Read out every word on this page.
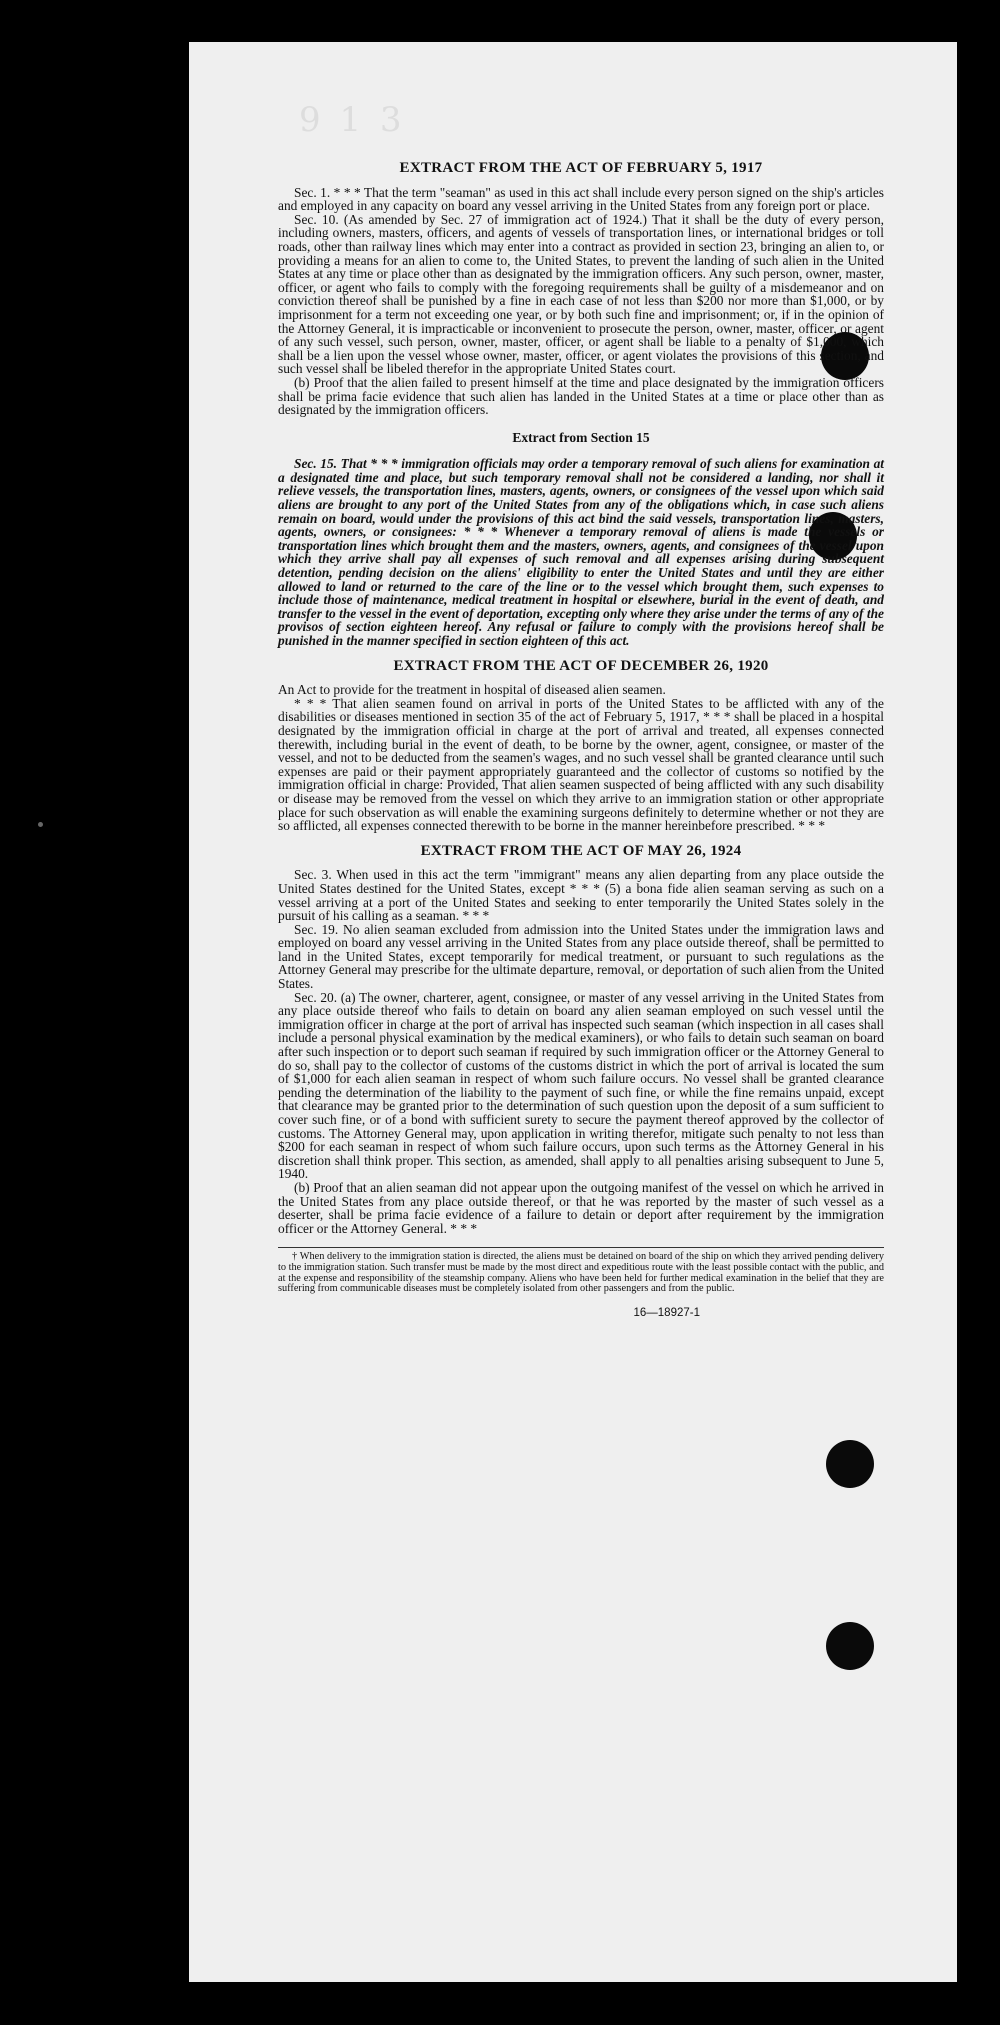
9 1 3
EXTRACT FROM THE ACT OF FEBRUARY 5, 1917

Sec. 1. * * * That the term "seaman" as used in this act shall include every person signed on the ship's articles and employed in any capacity on board any vessel arriving in the United States from any foreign port or place.

Sec. 10. (As amended by Sec. 27 of immigration act of 1924.) That it shall be the duty of every person, including owners, masters, officers, and agents of vessels of transportation lines, or international bridges or toll roads, other than railway lines which may enter into a contract as provided in section 23, bringing an alien to, or providing a means for an alien to come to, the United States, to prevent the landing of such alien in the United States at any time or place other than as designated by the immigration officers. Any such person, owner, master, officer, or agent who fails to comply with the foregoing requirements shall be guilty of a misdemeanor and on conviction thereof shall be punished by a fine in each case of not less than $200 nor more than $1,000, or by imprisonment for a term not exceeding one year, or by both such fine and imprisonment; or, if in the opinion of the Attorney General, it is impracticable or inconvenient to prosecute the person, owner, master, officer, or agent of any such vessel, such person, owner, master, officer, or agent shall be liable to a penalty of $1,000, which shall be a lien upon the vessel whose owner, master, officer, or agent violates the provisions of this section, and such vessel shall be libeled therefor in the appropriate United States court.

(b) Proof that the alien failed to present himself at the time and place designated by the immigration officers shall be prima facie evidence that such alien has landed in the United States at a time or place other than as designated by the immigration officers.

Extract from Section 15

Sec. 15. That * * * immigration officials may order a temporary removal of such aliens for examination at a designated time and place, but such temporary removal shall not be considered a landing, nor shall it relieve vessels, the transportation lines, masters, agents, owners, or consignees of the vessel upon which said aliens are brought to any port of the United States from any of the obligations which, in case such aliens remain on board, would under the provisions of this act bind the said vessels, transportation lines, masters, agents, owners, or consignees: * * * Whenever a temporary removal of aliens is made the vessels or transportation lines which brought them and the masters, owners, agents, and consignees of the vessel upon which they arrive shall pay all expenses of such removal and all expenses arising during subsequent detention, pending decision on the aliens' eligibility to enter the United States and until they are either allowed to land or returned to the care of the line or to the vessel which brought them, such expenses to include those of maintenance, medical treatment in hospital or elsewhere, burial in the event of death, and transfer to the vessel in the event of deportation, excepting only where they arise under the terms of any of the provisos of section eighteen hereof. Any refusal or failure to comply with the provisions hereof shall be punished in the manner specified in section eighteen of this act.

EXTRACT FROM THE ACT OF DECEMBER 26, 1920

An Act to provide for the treatment in hospital of diseased alien seamen.

* * * That alien seamen found on arrival in ports of the United States to be afflicted with any of the disabilities or diseases mentioned in section 35 of the act of February 5, 1917, * * * shall be placed in a hospital designated by the immigration official in charge at the port of arrival and treated, all expenses connected therewith, including burial in the event of death, to be borne by the owner, agent, consignee, or master of the vessel, and not to be deducted from the seamen's wages, and no such vessel shall be granted clearance until such expenses are paid or their payment appropriately guaranteed and the collector of customs so notified by the immigration official in charge: Provided, That alien seamen suspected of being afflicted with any such disability or disease may be removed from the vessel on which they arrive to an immigration station or other appropriate place for such observation as will enable the examining surgeons definitely to determine whether or not they are so afflicted, all expenses connected therewith to be borne in the manner hereinbefore prescribed. * * *

EXTRACT FROM THE ACT OF MAY 26, 1924

Sec. 3. When used in this act the term "immigrant" means any alien departing from any place outside the United States destined for the United States, except * * * (5) a bona fide alien seaman serving as such on a vessel arriving at a port of the United States and seeking to enter temporarily the United States solely in the pursuit of his calling as a seaman. * * *

Sec. 19. No alien seaman excluded from admission into the United States under the immigration laws and employed on board any vessel arriving in the United States from any place outside thereof, shall be permitted to land in the United States, except temporarily for medical treatment, or pursuant to such regulations as the Attorney General may prescribe for the ultimate departure, removal, or deportation of such alien from the United States.

Sec. 20. (a) The owner, charterer, agent, consignee, or master of any vessel arriving in the United States from any place outside thereof who fails to detain on board any alien seaman employed on such vessel until the immigration officer in charge at the port of arrival has inspected such seaman (which inspection in all cases shall include a personal physical examination by the medical examiners), or who fails to detain such seaman on board after such inspection or to deport such seaman if required by such immigration officer or the Attorney General to do so, shall pay to the collector of customs of the customs district in which the port of arrival is located the sum of $1,000 for each alien seaman in respect of whom such failure occurs. No vessel shall be granted clearance pending the determination of the liability to the payment of such fine, or while the fine remains unpaid, except that clearance may be granted prior to the determination of such question upon the deposit of a sum sufficient to cover such fine, or of a bond with sufficient surety to secure the payment thereof approved by the collector of customs. The Attorney General may, upon application in writing therefor, mitigate such penalty to not less than $200 for each seaman in respect of whom such failure occurs, upon such terms as the Attorney General in his discretion shall think proper. This section, as amended, shall apply to all penalties arising subsequent to June 5, 1940.

(b) Proof that an alien seaman did not appear upon the outgoing manifest of the vessel on which he arrived in the United States from any place outside thereof, or that he was reported by the master of such vessel as a deserter, shall be prima facie evidence of a failure to detain or deport after requirement by the immigration officer or the Attorney General. * * *

† When delivery to the immigration station is directed, the aliens must be detained on board of the ship on which they arrived pending delivery to the immigration station. Such transfer must be made by the most direct and expeditious route with the least possible contact with the public, and at the expense and responsibility of the steamship company. Aliens who have been held for further medical examination in the belief that they are suffering from communicable diseases must be completely isolated from other passengers and from the public.

16—18927-1
